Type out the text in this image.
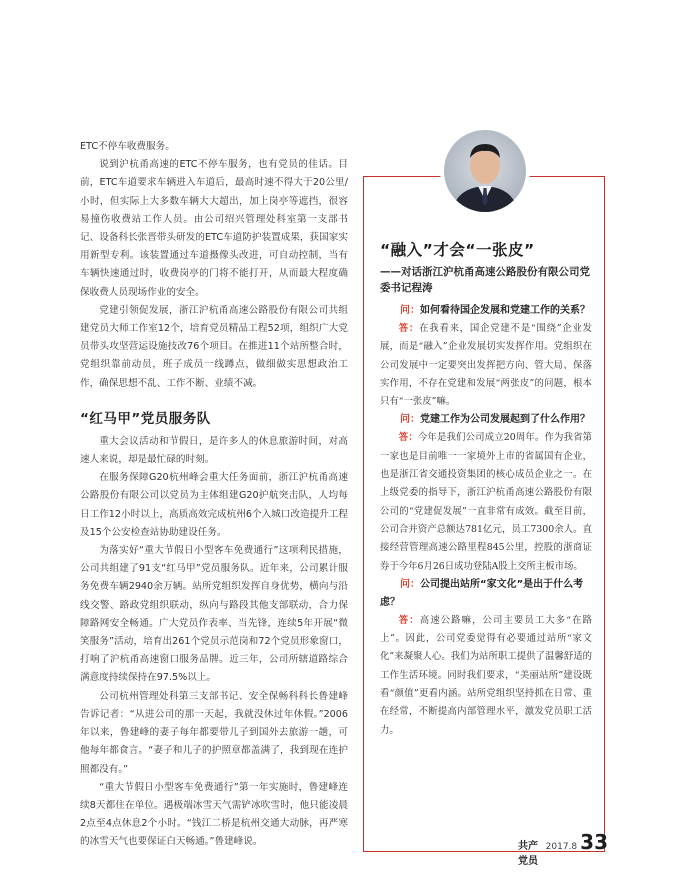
ETC不停车收费服务。

说到沪杭甬高速的ETC不停车服务，也有党员的佳话。目前，ETC车道要求车辆进入车道后，最高时速不得大于20公里/小时，但实际上大多数车辆大大超出，加上岗亭等遮挡，很容易撞伤收费站工作人员。由公司绍兴管理处科室第一支部书记、设备科长张晋带头研发的ETC车道防护装置成果，获国家实用新型专利。该装置通过车道摄像头改进，可自动控制，当有车辆快速通过时，收费岗亭的门将不能打开，从而最大程度确保收费人员现场作业的安全。

党建引领促发展，浙江沪杭甬高速公路股份有限公司共组建党员大师工作室12个，培育党员精品工程52项，组织广大党员带头攻坚营运设施技改76个项目。在推进11个站所整合时，党组织靠前动员，班子成员一线蹲点，做细做实思想政治工作，确保思想不乱、工作不断、业绩不减。

“红马甲”党员服务队

重大会议活动和节假日，是许多人的休息旅游时间，对高速人来说，却是最忙碌的时刻。

在服务保障G20杭州峰会重大任务面前，浙江沪杭甬高速公路股份有限公司以党员为主体组建G20护航突击队，人均每日工作12小时以上，高质高效完成杭州6个入城口改造提升工程及15个公安检查站协助建设任务。

为落实好“重大节假日小型客车免费通行”这项利民措施，公司共组建了91支“红马甲”党员服务队。近年来，公司累计服务免费车辆2940余万辆。站所党组织发挥自身优势，横向与沿线交警、路政党组织联动，纵向与路段其他支部联动，合力保障路网安全畅通。广大党员作表率、当先锋，连续5年开展“微笑服务”活动，培育出261个党员示范岗和72个党员形象窗口，打响了沪杭甬高速窗口服务品牌。近三年，公司所辖道路综合满意度持续保持在97.5%以上。

公司杭州管理处科第三支部书记、安全保畅科科长鲁建峰告诉记者：“从进公司的那一天起，我就没休过年休假。”2006年以来，鲁建峰的妻子每年都要带儿子到国外去旅游一趟，可他每年都食言。“妻子和儿子的护照章都盖满了，我到现在连护照都没有。”

“重大节假日小型客车免费通行”第一年实施时，鲁建峰连续8天都住在单位。遇极端冰雪天气需铲冰吹雪时，他只能凌晨2点至4点休息2个小时。“钱江二桥是杭州交通大动脉，再严寒的冰雪天气也要保证白天畅通。”鲁建峰说。

“融入”才会“一张皮”
——对话浙江沪杭甬高速公路股份有限公司党委书记程涛

问：如何看待国企发展和党建工作的关系？

答：在我看来，国企党建不是“围绕”企业发展，而是“融入”企业发展切实发挥作用。党组织在公司发展中一定要突出发挥把方向、管大局、保落实作用，不存在党建和发展“两张皮”的问题，根本只有“一张皮”嘛。

问：党建工作为公司发展起到了什么作用？

答：今年是我们公司成立20周年。作为我省第一家也是目前唯一一家境外上市的省属国有企业，也是浙江省交通投资集团的核心成员企业之一。在上级党委的指导下，浙江沪杭甬高速公路股份有限公司的“党建促发展”一直非常有成效。截至目前，公司合并资产总额达781亿元，员工7300余人。直接经营管理高速公路里程845公里，控股的浙商证券于今年6月26日成功登陆A股上交所主板市场。

问：公司提出站所“家文化”是出于什么考虑？

答：高速公路嘛，公司主要员工大多“在路上”。因此，公司党委觉得有必要通过站所“家文化”来凝聚人心。我们为站所职工提供了温馨舒适的工作生活环境。同时我们要求，“美丽站所”建设既看“颜值”更看内涵。站所党组织坚持抓在日常、重在经常，不断提高内部管理水平，激发党员职工活力。

共产党员
2017.8 33
